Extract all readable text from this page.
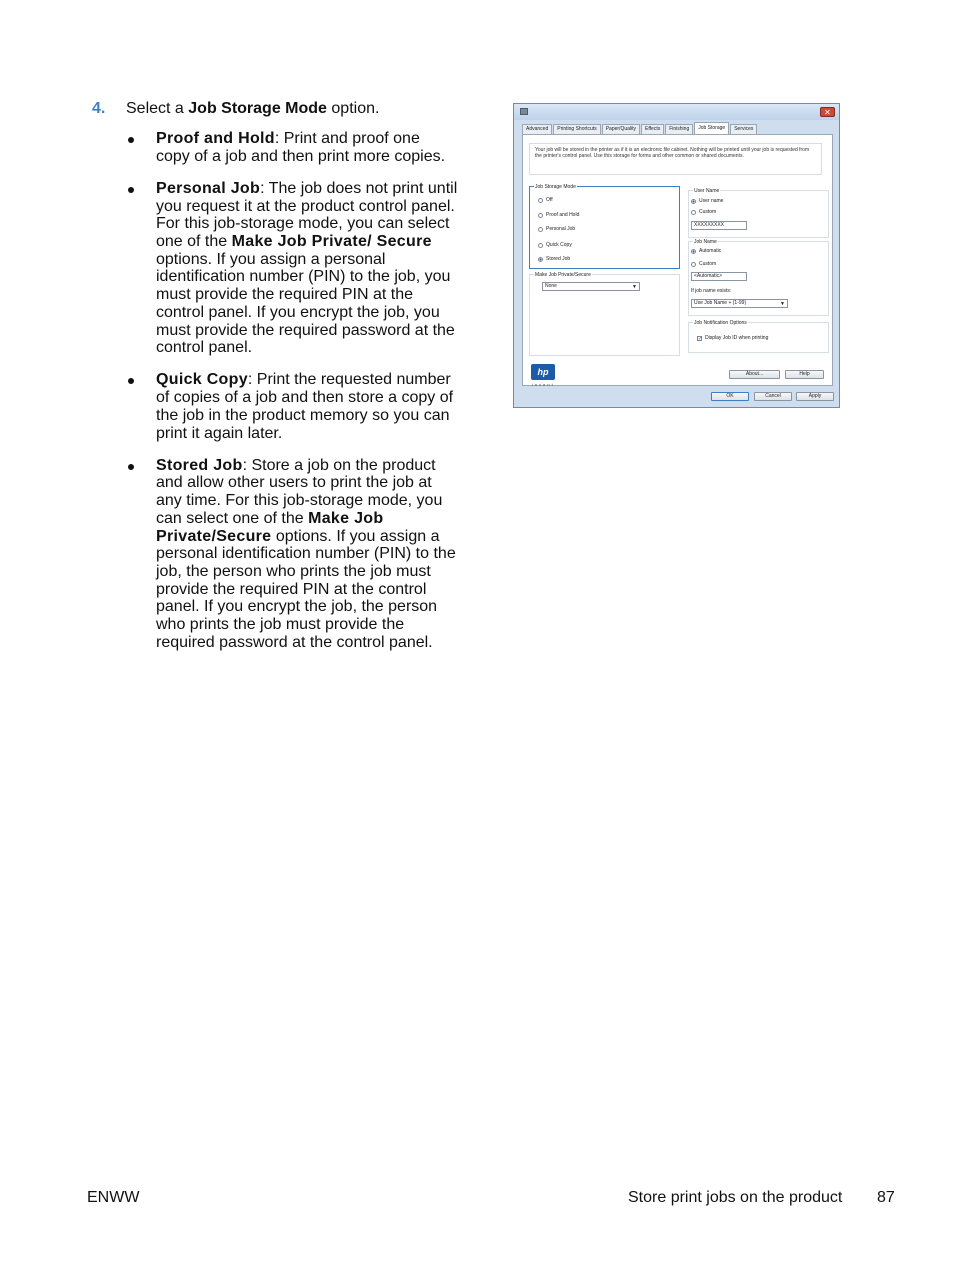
4. Select a Job Storage Mode option.
Proof and Hold: Print and proof one copy of a job and then print more copies.
Personal Job: The job does not print until you request it at the product control panel. For this job-storage mode, you can select one of the Make Job Private/ Secure options. If you assign a personal identification number (PIN) to the job, you must provide the required PIN at the control panel. If you encrypt the job, you must provide the required password at the control panel.
Quick Copy: Print the requested number of copies of a job and then store a copy of the job in the product memory so you can print it again later.
Stored Job: Store a job on the product and allow other users to print the job at any time. For this job-storage mode, you can select one of the Make Job Private/Secure options. If you assign a personal identification number (PIN) to the job, the person who prints the job must provide the required PIN at the control panel. If you encrypt the job, the person who prints the job must provide the required password at the control panel.
✕
Advanced	Printing Shortcuts	Paper/Quality	Effects	Finishing	Job Storage	Services
Your job will be stored in the printer as if it is an electronic file cabinet. Nothing will be printed until your job is requested from the printer's control panel. Use this storage for forms and other common or shared documents.
Job Storage Mode
Off
Proof and Hold
Personal Job
Quick Copy
Stored Job
Make Job Private/Secure
None	▼
User Name
User name
Custom
XXXXXXXXX
Job Name
Automatic
Custom
<Automatic>
If job name exists:
Use Job Name + (1-99)	▼
Job Notification Options
✓ Display Job ID when printing
hp
invent
About...	Help
OK	Cancel	Apply
ENWW	Store print jobs on the product 87
